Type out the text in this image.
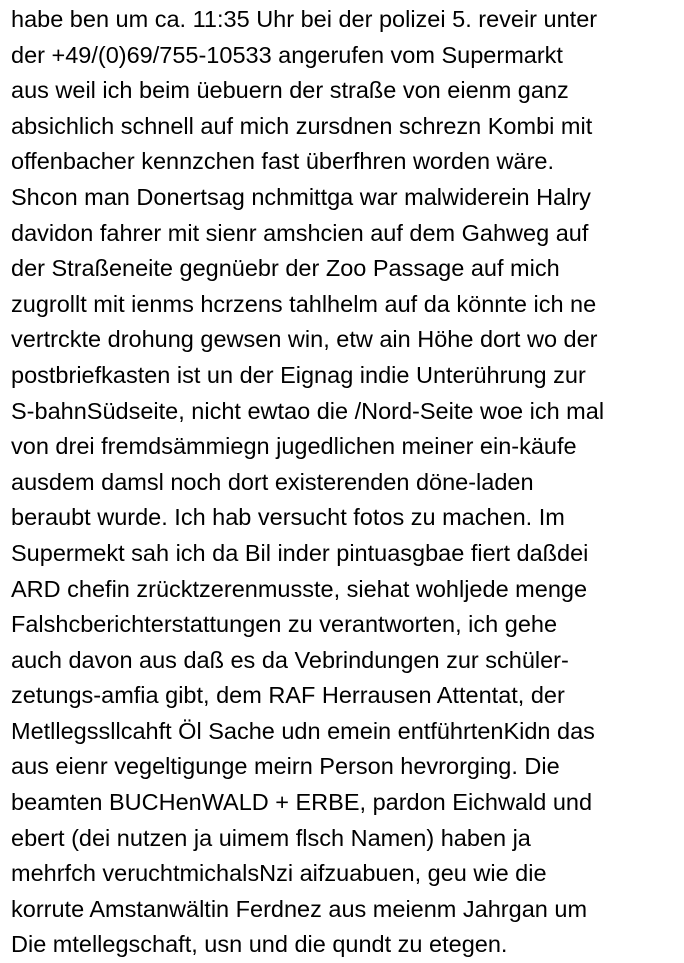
habe ben um ca. 11:35 Uhr bei der polizei 5. reveir unter
der +49/(0)69/755-10533 angerufen vom Supermarkt
aus weil ich beim üebuern der straße von eienm ganz
absichlich schnell auf mich zursdnen schrezn Kombi mit
offenbacher kennzchen fast überfhren worden wäre.
Shcon man Donertsag nchmittga war malwiderein Halry
davidon fahrer mit sienr amshcien auf dem Gahweg auf
der Straßeneite gegnüebr der Zoo Passage auf mich
zugrollt mit ienms hcrzens tahlhelm auf da könnte ich ne
vertrckte drohung gewsen win, etw ain Höhe dort wo der
postbriefkasten ist un der Eignag indie Unterührung zur
S-bahnSüdseite, nicht ewtao die /Nord-Seite woe ich mal
von drei fremdsämmiegn jugedlichen meiner ein-käufe
ausdem damsl noch dort existerenden döne-laden
beraubt wurde. Ich hab versucht fotos zu machen. Im
Supermekt sah ich da Bil inder pintuasgbae fiert daßdei
ARD chefin zrücktzerenmusste, siehat wohljede menge
Falshcberichterstattungen zu verantworten, ich gehe
auch davon aus daß es da Vebrindungen zur schüler-
zetungs-amfia gibt, dem RAF Herrausen Attentat, der
Metllegssllcahft Öl Sache udn emein entführtenKidn das
aus eienr vegeltigunge meirn Person hevrorging. Die
beamten BUCHenWALD + ERBE, pardon Eichwald und
ebert (dei nutzen ja uimem flsch Namen) haben ja
mehrfch veruchtmichalsNzi aifzuabuen, geu wie die
korrute Amstanwältin Ferdnez aus meienm Jahrgan um
Die mtellegschaft, usn und die qundt zu etegen.
